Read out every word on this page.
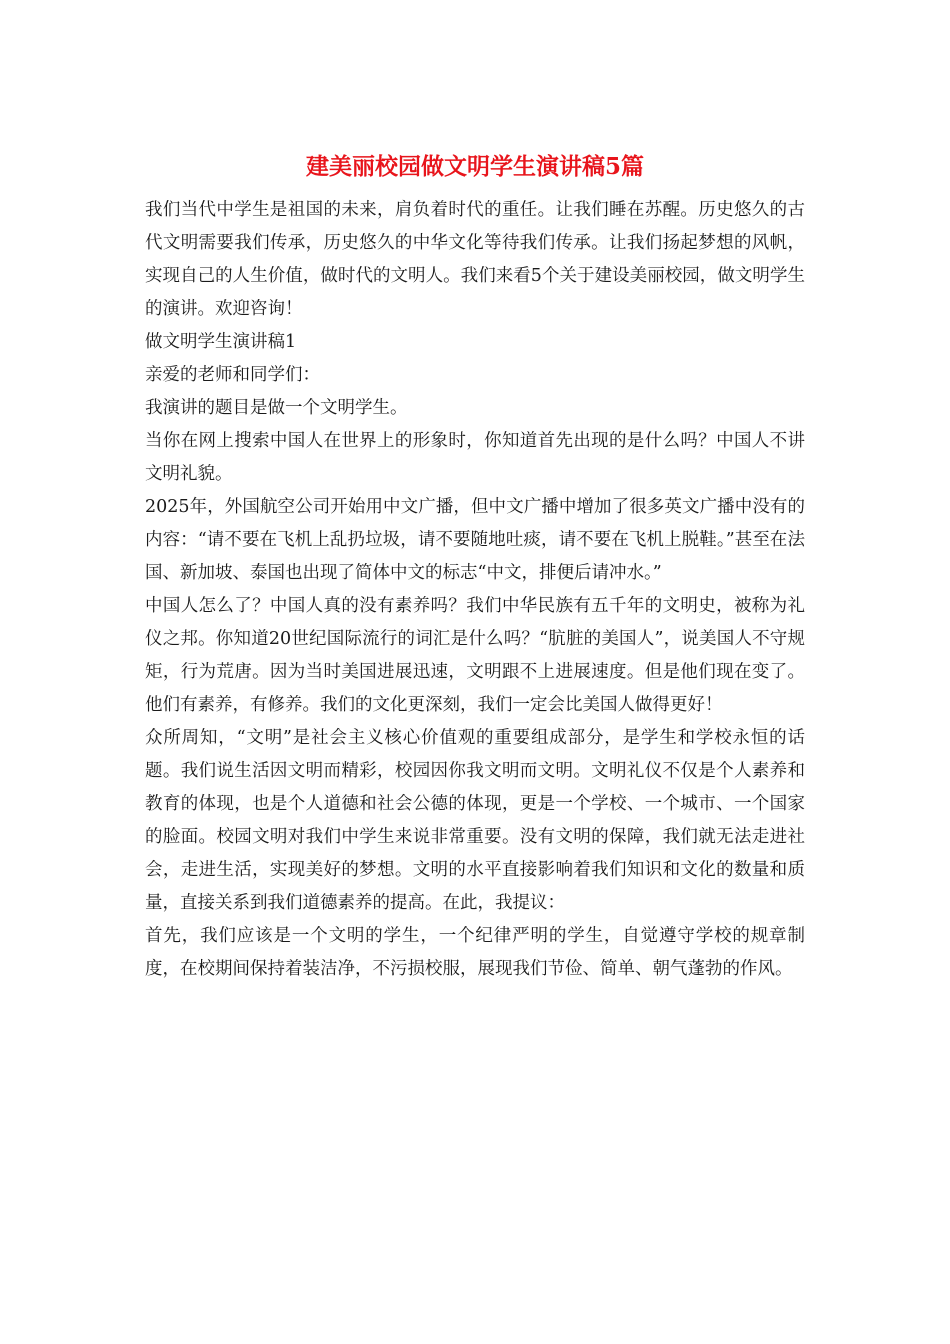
建美丽校园做文明学生演讲稿5篇

我们当代中学生是祖国的未来，肩负着时代的重任。让我们睡在苏醒。历史悠久的古代文明需要我们传承，历史悠久的中华文化等待我们传承。让我们扬起梦想的风帆，实现自己的人生价值，做时代的文明人。我们来看5个关于建设美丽校园，做文明学生的演讲。欢迎咨询！

做文明学生演讲稿1

亲爱的老师和同学们：

我演讲的题目是做一个文明学生。

当你在网上搜索中国人在世界上的形象时，你知道首先出现的是什么吗？中国人不讲文明礼貌。

2025年，外国航空公司开始用中文广播，但中文广播中增加了很多英文广播中没有的内容：“请不要在飞机上乱扔垃圾，请不要随地吐痰，请不要在飞机上脱鞋。”甚至在法国、新加坡、泰国也出现了简体中文的标志“中文，排便后请冲水。”

中国人怎么了？中国人真的没有素养吗？我们中华民族有五千年的文明史，被称为礼仪之邦。你知道20世纪国际流行的词汇是什么吗？“肮脏的美国人”，说美国人不守规矩，行为荒唐。因为当时美国进展迅速，文明跟不上进展速度。但是他们现在变了。他们有素养，有修养。我们的文化更深刻，我们一定会比美国人做得更好！

众所周知，“文明”是社会主义核心价值观的重要组成部分，是学生和学校永恒的话题。我们说生活因文明而精彩，校园因你我文明而文明。文明礼仪不仅是个人素养和教育的体现，也是个人道德和社会公德的体现，更是一个学校、一个城市、一个国家的脸面。校园文明对我们中学生来说非常重要。没有文明的保障，我们就无法走进社会，走进生活，实现美好的梦想。文明的水平直接影响着我们知识和文化的数量和质量，直接关系到我们道德素养的提高。在此，我提议：

首先，我们应该是一个文明的学生，一个纪律严明的学生，自觉遵守学校的规章制度，在校期间保持着装洁净，不污损校服，展现我们节俭、简单、朝气蓬勃的作风。
